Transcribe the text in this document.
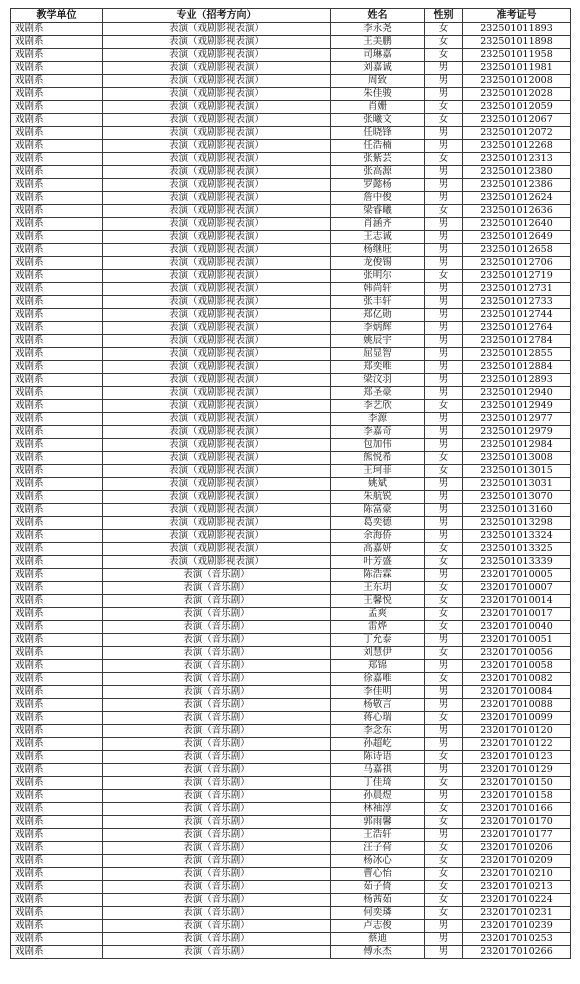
教学单位	专业（招考方向）	姓名	性别	准考证号
戏剧系	表演（戏剧影视表演）	李永尧	女	232501011893
戏剧系	表演（戏剧影视表演）	王美鹏	女	232501011898
戏剧系	表演（戏剧影视表演）	司琳嘉	女	232501011958
戏剧系	表演（戏剧影视表演）	刘嘉诚	男	232501011981
戏剧系	表演（戏剧影视表演）	周致	男	232501012008
戏剧系	表演（戏剧影视表演）	朱佳骏	男	232501012028
戏剧系	表演（戏剧影视表演）	肖姗	女	232501012059
戏剧系	表演（戏剧影视表演）	张曦文	女	232501012067
戏剧系	表演（戏剧影视表演）	任晓锋	男	232501012072
戏剧系	表演（戏剧影视表演）	任浩楠	男	232501012268
戏剧系	表演（戏剧影视表演）	张紫芸	女	232501012313
戏剧系	表演（戏剧影视表演）	张高源	男	232501012380
戏剧系	表演（戏剧影视表演）	罗懿杨	男	232501012386
戏剧系	表演（戏剧影视表演）	詹中俊	男	232501012624
戏剧系	表演（戏剧影视表演）	梁睿曦	女	232501012636
戏剧系	表演（戏剧影视表演）	肖涵齐	男	232501012640
戏剧系	表演（戏剧影视表演）	王志诚	男	232501012649
戏剧系	表演（戏剧影视表演）	杨继旺	男	232501012658
戏剧系	表演（戏剧影视表演）	龙俊锡	男	232501012706
戏剧系	表演（戏剧影视表演）	张明尔	女	232501012719
戏剧系	表演（戏剧影视表演）	韩尚轩	男	232501012731
戏剧系	表演（戏剧影视表演）	张丰轩	男	232501012733
戏剧系	表演（戏剧影视表演）	郑亿勋	男	232501012744
戏剧系	表演（戏剧影视表演）	李炳辉	男	232501012764
戏剧系	表演（戏剧影视表演）	姚辰宇	男	232501012784
戏剧系	表演（戏剧影视表演）	屈显智	男	232501012855
戏剧系	表演（戏剧影视表演）	郑奕唯	男	232501012884
戏剧系	表演（戏剧影视表演）	梁汶羽	男	232501012893
戏剧系	表演（戏剧影视表演）	郑圣豪	男	232501012940
戏剧系	表演（戏剧影视表演）	李艺欣	女	232501012949
戏剧系	表演（戏剧影视表演）	李源	男	232501012977
戏剧系	表演（戏剧影视表演）	李嘉奇	男	232501012979
戏剧系	表演（戏剧影视表演）	包加伟	男	232501012984
戏剧系	表演（戏剧影视表演）	熊悦希	女	232501013008
戏剧系	表演（戏剧影视表演）	王珂菲	女	232501013015
戏剧系	表演（戏剧影视表演）	姚斌	男	232501013031
戏剧系	表演（戏剧影视表演）	朱航锐	男	232501013070
戏剧系	表演（戏剧影视表演）	陈富豪	男	232501013160
戏剧系	表演（戏剧影视表演）	葛奕德	男	232501013298
戏剧系	表演（戏剧影视表演）	余海侨	男	232501013324
戏剧系	表演（戏剧影视表演）	高嘉妍	女	232501013325
戏剧系	表演（戏剧影视表演）	叶芳盛	女	232501013339
戏剧系	表演（音乐剧）	陈浩霖	男	232017010005
戏剧系	表演（音乐剧）	王东玥	女	232017010007
戏剧系	表演（音乐剧）	王馨悦	女	232017010014
戏剧系	表演（音乐剧）	孟爽	女	232017010017
戏剧系	表演（音乐剧）	雷烨	女	232017010040
戏剧系	表演（音乐剧）	丁允泰	男	232017010051
戏剧系	表演（音乐剧）	刘慧伊	女	232017010056
戏剧系	表演（音乐剧）	郑锦	男	232017010058
戏剧系	表演（音乐剧）	徐嘉唯	女	232017010082
戏剧系	表演（音乐剧）	李佳明	男	232017010084
戏剧系	表演（音乐剧）	杨敬言	男	232017010088
戏剧系	表演（音乐剧）	蒋心瑞	女	232017010099
戏剧系	表演（音乐剧）	李念东	男	232017010120
戏剧系	表演（音乐剧）	孙超屹	男	232017010122
戏剧系	表演（音乐剧）	陈诗语	女	232017010123
戏剧系	表演（音乐剧）	马嘉祺	男	232017010129
戏剧系	表演（音乐剧）	丁佳琦	女	232017010150
戏剧系	表演（音乐剧）	孙晨煜	男	232017010158
戏剧系	表演（音乐剧）	林袖淳	女	232017010166
戏剧系	表演（音乐剧）	郭雨馨	女	232017010170
戏剧系	表演（音乐剧）	王浩轩	男	232017010177
戏剧系	表演（音乐剧）	汪子荷	女	232017010206
戏剧系	表演（音乐剧）	杨冰心	女	232017010209
戏剧系	表演（音乐剧）	曹心怡	女	232017010210
戏剧系	表演（音乐剧）	茹子倚	女	232017010213
戏剧系	表演（音乐剧）	杨茜茹	女	232017010224
戏剧系	表演（音乐剧）	何奕璘	女	232017010231
戏剧系	表演（音乐剧）	卢志俊	男	232017010239
戏剧系	表演（音乐剧）	蔡迪	男	232017010253
戏剧系	表演（音乐剧）	傅永杰	男	232017010266
